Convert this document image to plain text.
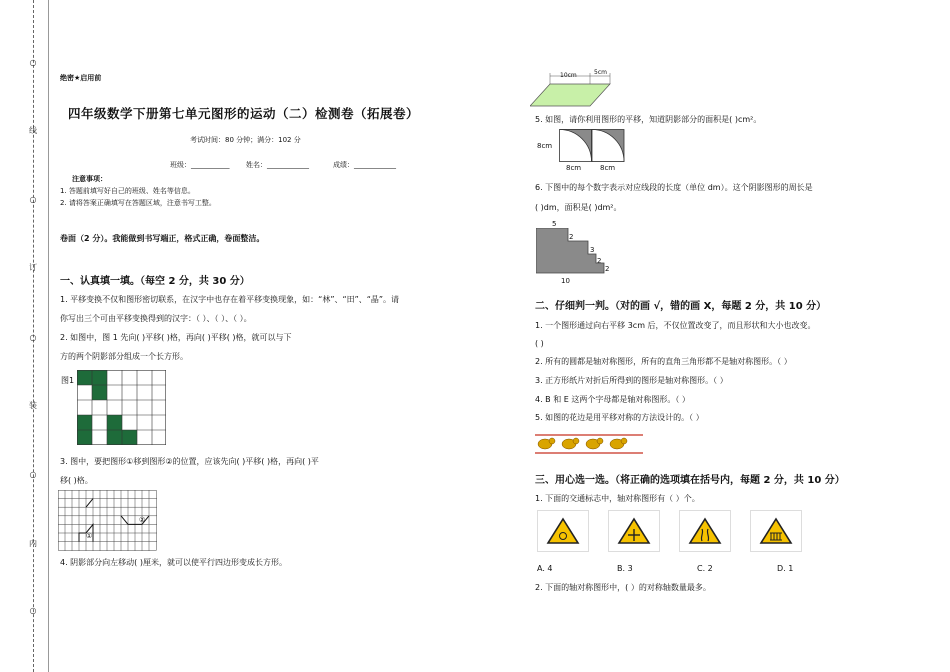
○
线
○
订
○
装
○
内
○
绝密★启用前
四年级数学下册第七单元图形的运动（二）检测卷（拓展卷）
考试时间：80 分钟；满分：102 分
班级：___________ 姓名：____________	成绩：____________
注意事项：
1. 答题前填写好自己的班级、姓名等信息。
2. 请将答案正确填写在答题区域，注意书写工整。
卷面（2 分）。我能做到书写端正，格式正确，卷面整洁。
一、认真填一填。（每空 2 分，共 30 分）
1. 平移变换不仅和图形密切联系，在汉字中也存在着平移变换现象，如：“林”、“田”、“晶”。请
你写出三个可由平移变换得到的汉字：（ ）、（ ）、（ ）。
2. 如图中，图 1 先向( )平移( )格，再向( )平移( )格，就可以与下
方的两个阴影部分组成一个长方形。
图1
3. 图中，要把图形①移到图形②的位置，应该先向( )平移( )格，再向( )平
移( )格。
①
②
4. 阴影部分向左移动( )厘米，就可以使平行四边形变成长方形。
10cm	5cm
5. 如图，请你利用图形的平移，知道阴影部分的面积是( )cm²。
8cm
8cm	8cm
6. 下图中的每个数字表示对应线段的长度（单位 dm）。这个阴影图形的周长是
( )dm，面积是( )dm²。
5
2
3
2
10
2
二、仔细判一判。（对的画 √，错的画 X，每题 2 分，共 10 分）
1. 一个图形通过向右平移 3cm 后，不仅位置改变了，而且形状和大小也改变。
( )
2. 所有的圆都是轴对称图形，所有的直角三角形都不是轴对称图形。（ ）
3. 正方形纸片对折后所得到的图形是轴对称图形。（ ）
4. B 和 E 这两个字母都是轴对称图形。（ ）
5. 如图的花边是用平移对称的方法设计的。（ ）
三、用心选一选。（将正确的选项填在括号内，每题 2 分，共 10 分）
1. 下面的交通标志中，轴对称图形有（ ）个。
A. 4	B. 3	C. 2	D. 1
2. 下面的轴对称图形中，( ）的对称轴数量最多。
